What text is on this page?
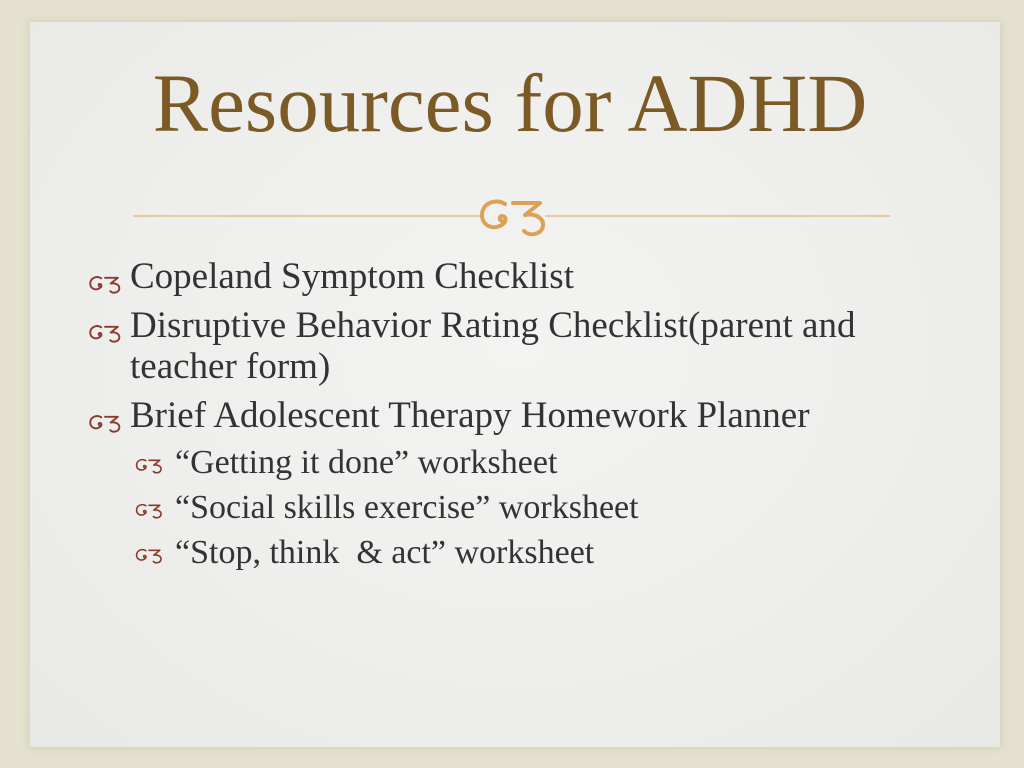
Resources for ADHD
Copeland Symptom Checklist
Disruptive Behavior Rating Checklist(parent and teacher form)
Brief Adolescent Therapy Homework Planner
“Getting it done” worksheet
“Social skills exercise” worksheet
“Stop, think  & act” worksheet
